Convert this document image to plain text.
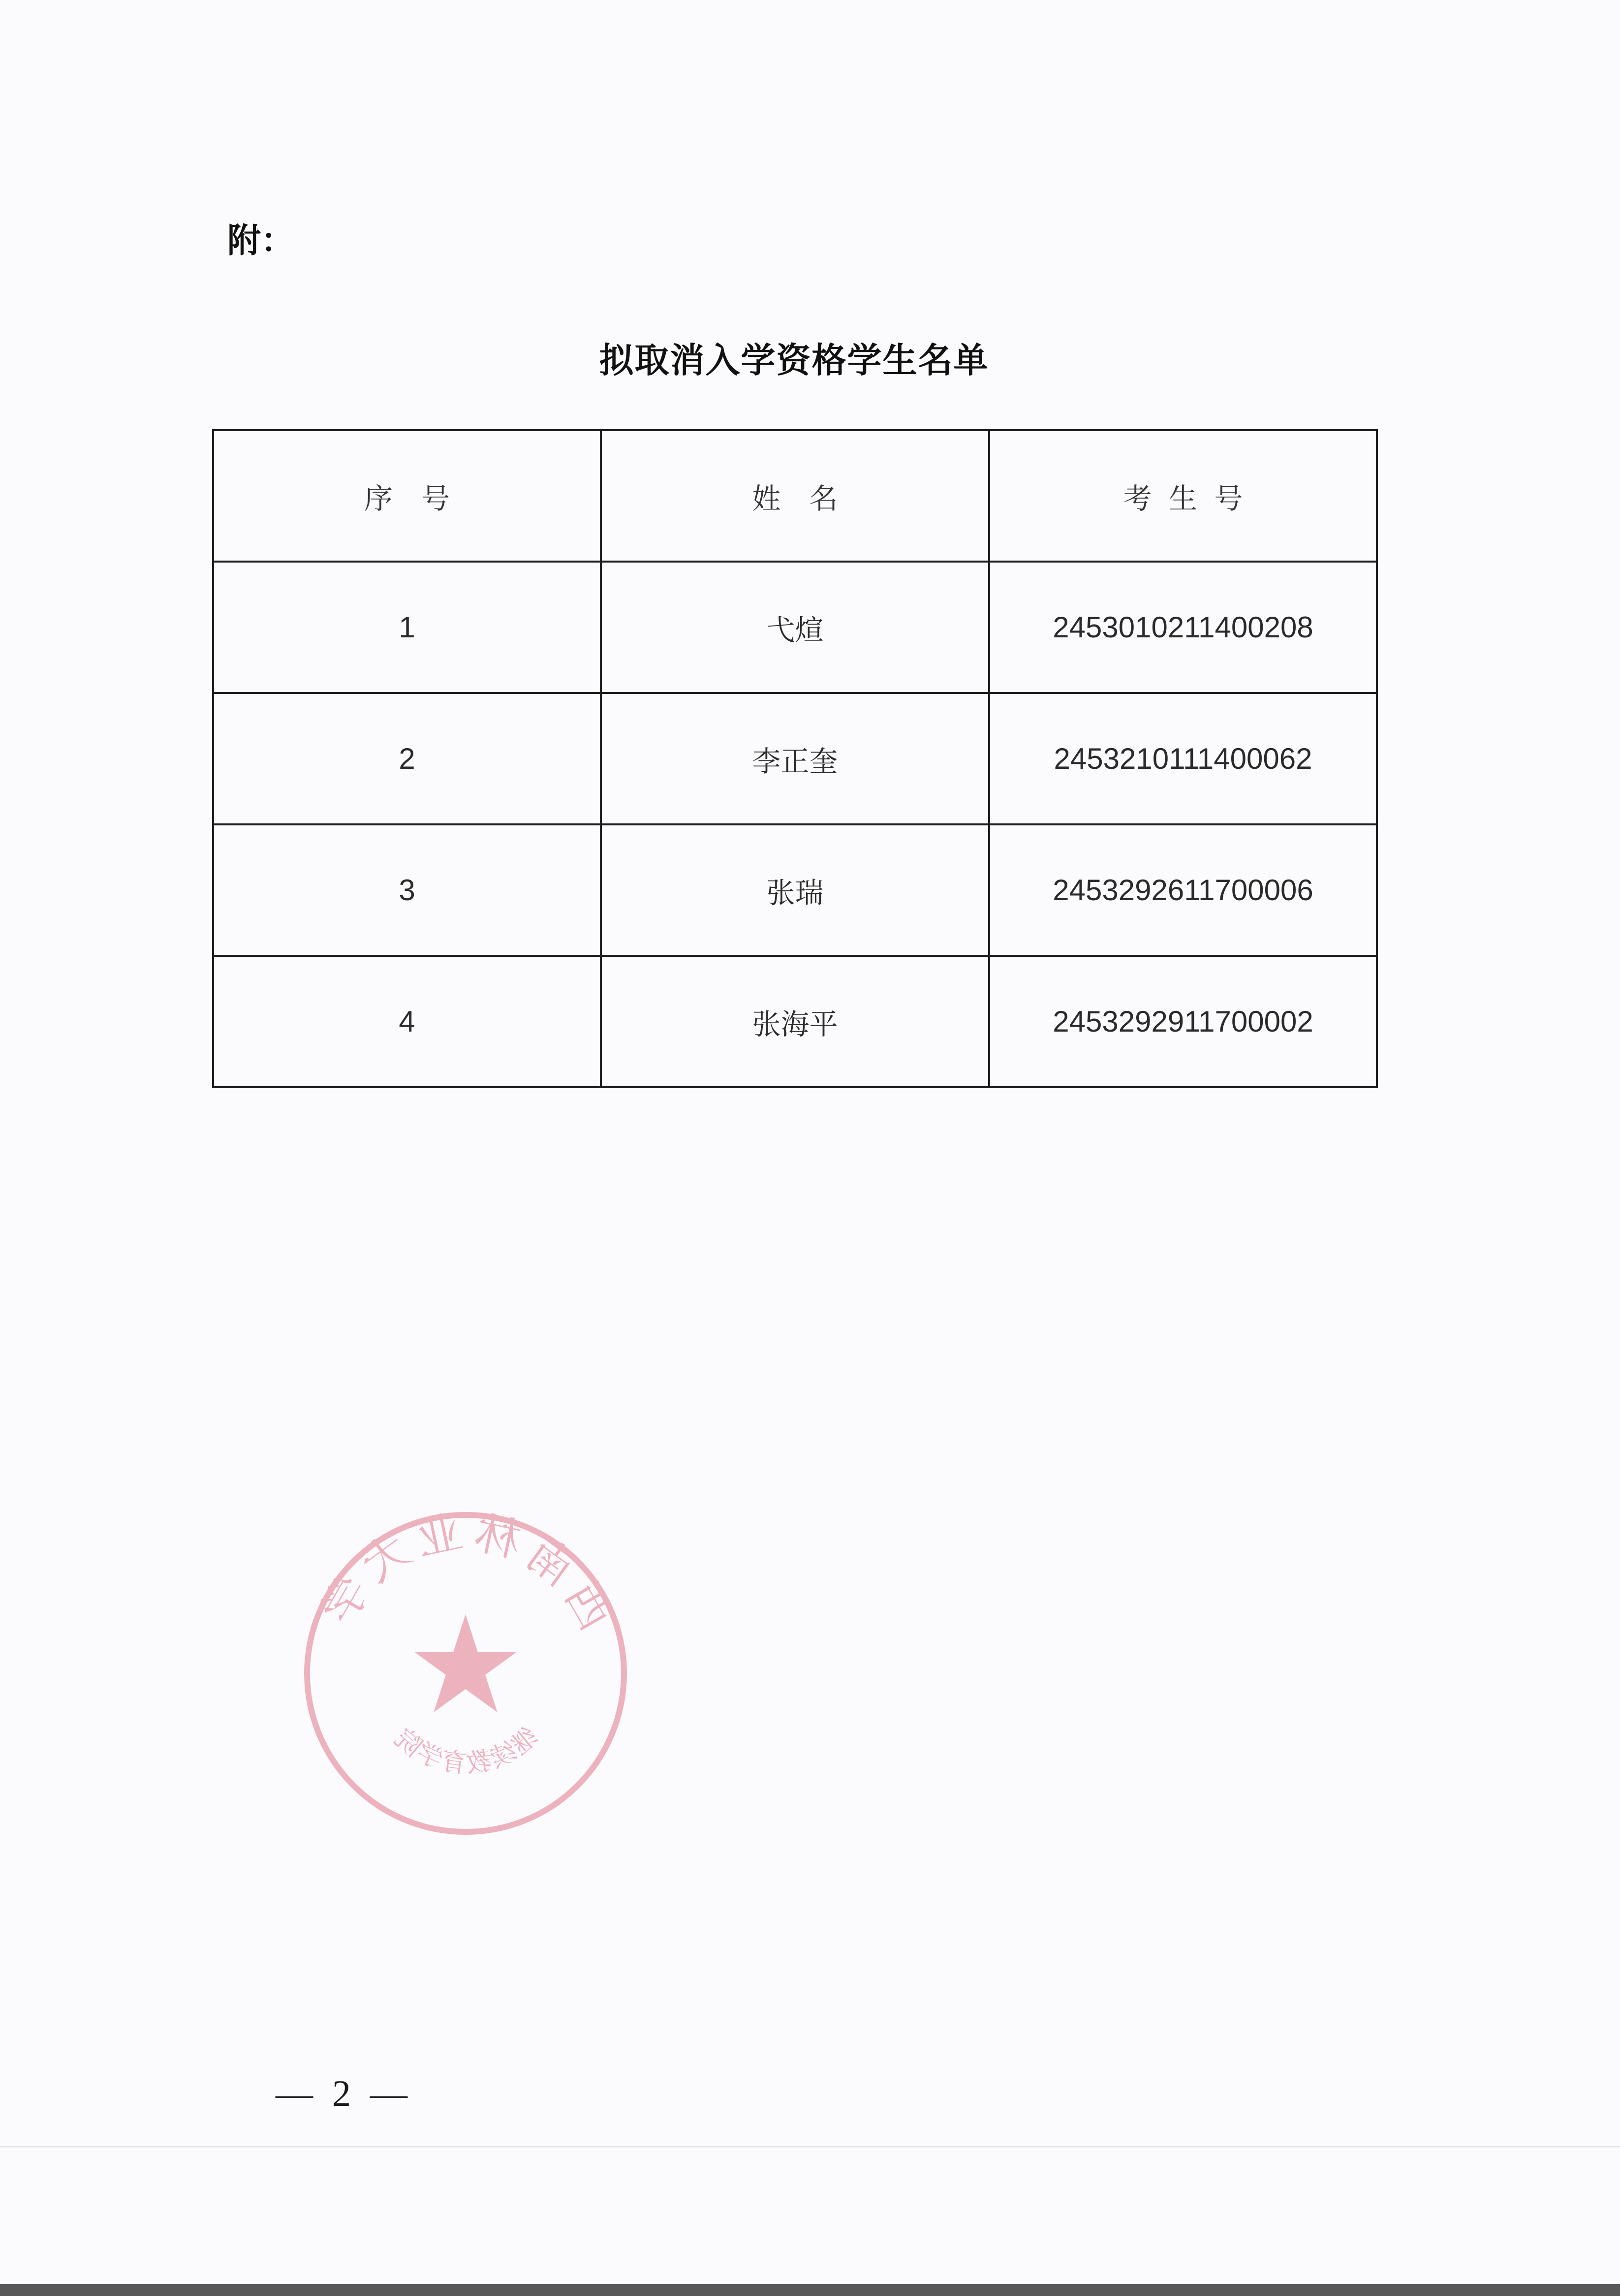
附：
拟取消入学资格学生名单
序　号	姓　名	考 生 号
1	弋煊	2453010211400208
2	李正奎	2453210111400062
3	张瑞	2453292611700006
4	张海平	2453292911700002
西南林业大学
继续教育学院
— 2 —
